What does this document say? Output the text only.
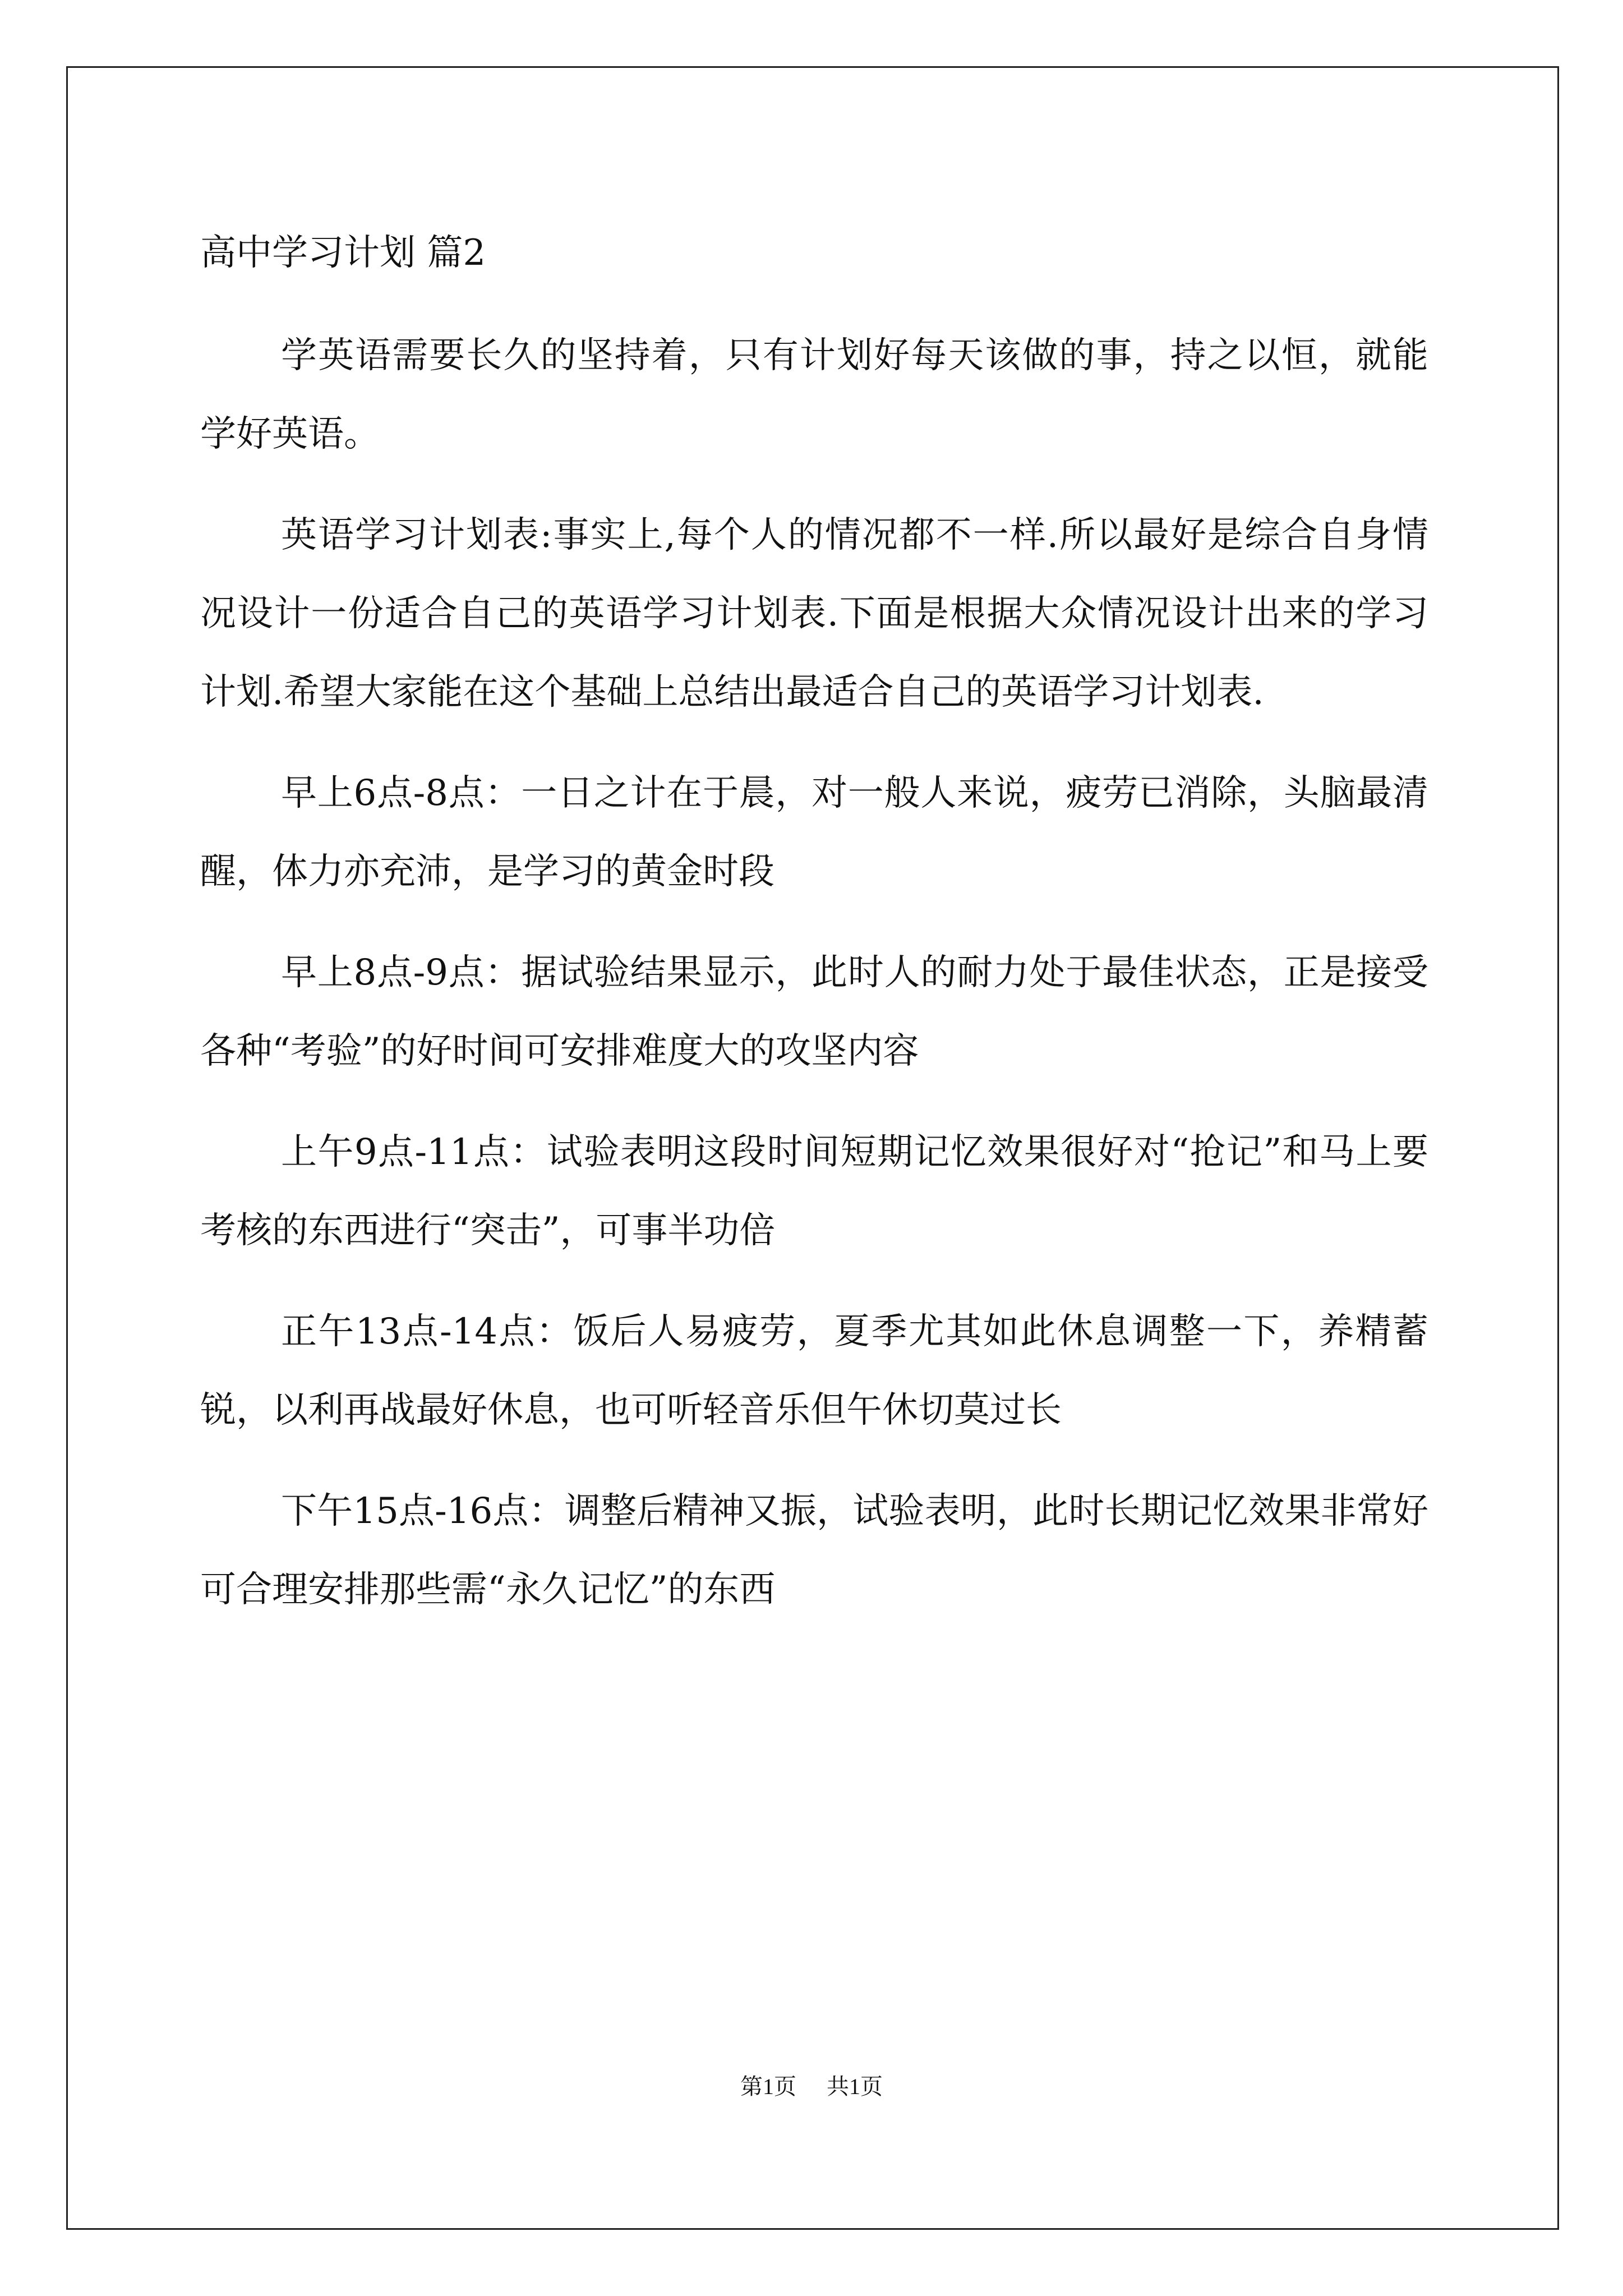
高中学习计划 篇2

学英语需要长久的坚持着，只有计划好每天该做的事，持之以恒，就能学好英语。

英语学习计划表:事实上,每个人的情况都不一样.所以最好是综合自身情况设计一份适合自己的英语学习计划表.下面是根据大众情况设计出来的学习计划.希望大家能在这个基础上总结出最适合自己的英语学习计划表.

早上6点-8点：一日之计在于晨，对一般人来说，疲劳已消除，头脑最清醒，体力亦充沛，是学习的黄金时段

早上8点-9点：据试验结果显示，此时人的耐力处于最佳状态，正是接受各种“考验”的好时间可安排难度大的攻坚内容

上午9点-11点：试验表明这段时间短期记忆效果很好对“抢记”和马上要考核的东西进行“突击”，可事半功倍

正午13点-14点：饭后人易疲劳，夏季尤其如此休息调整一下，养精蓄锐，以利再战最好休息，也可听轻音乐但午休切莫过长

下午15点-16点：调整后精神又振，试验表明，此时长期记忆效果非常好可合理安排那些需“永久记忆”的东西

第1页 共1页
